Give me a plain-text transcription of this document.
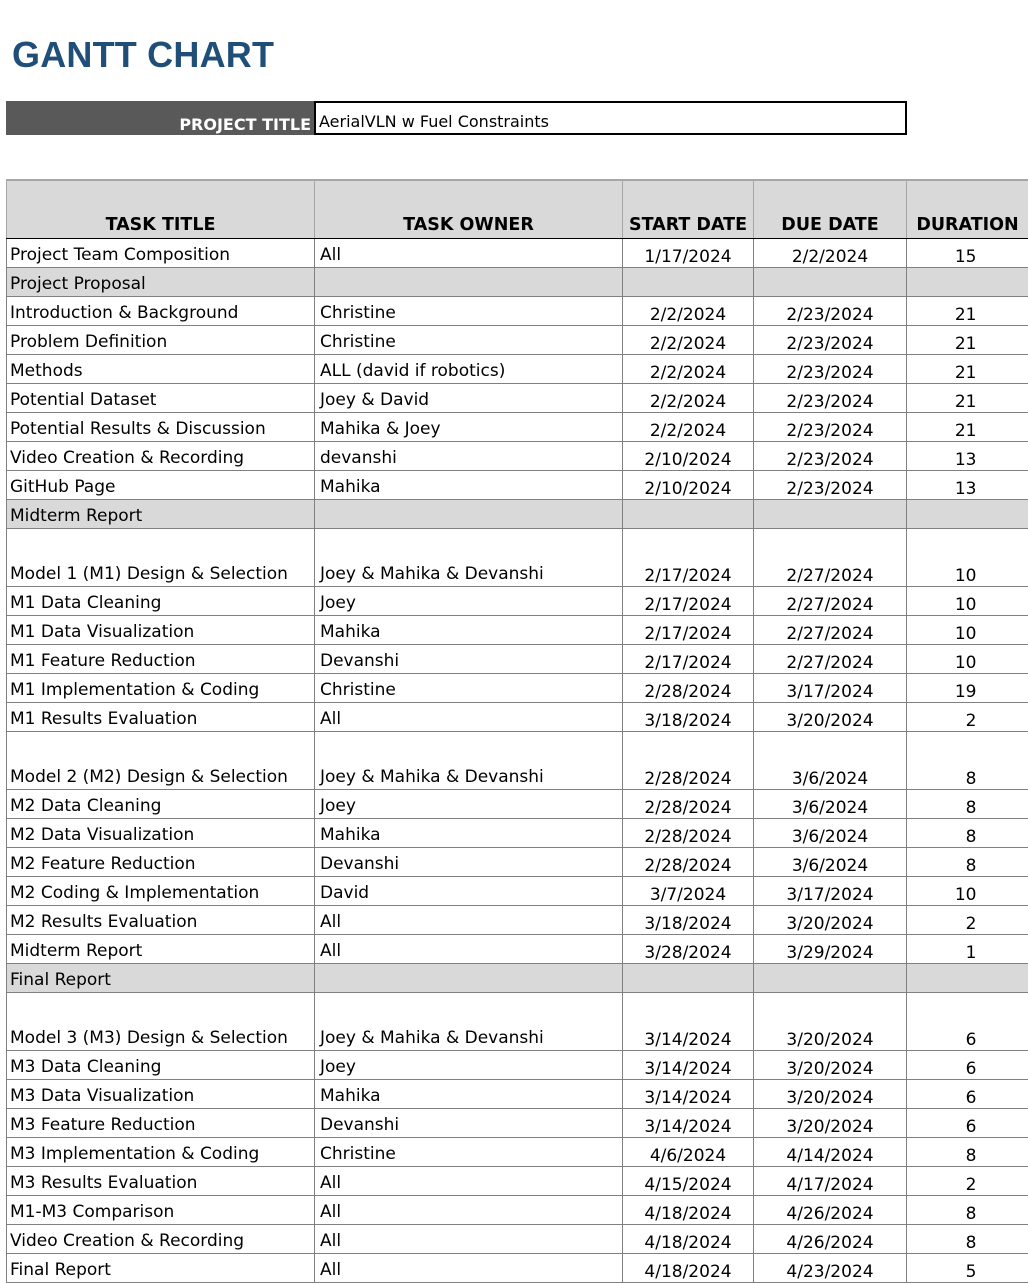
GANTT CHART
PROJECT TITLE AerialVLN w Fuel Constraints
TASK TITLE	TASK OWNER	START DATE	DUE DATE	DURATION
Project Team Composition	All	1/17/2024	2/2/2024	15
Project Proposal				
Introduction & Background	Christine	2/2/2024	2/23/2024	21
Problem Definition	Christine	2/2/2024	2/23/2024	21
Methods	ALL (david if robotics)	2/2/2024	2/23/2024	21
Potential Dataset	Joey & David	2/2/2024	2/23/2024	21
Potential Results & Discussion	Mahika & Joey	2/2/2024	2/23/2024	21
Video Creation & Recording	devanshi	2/10/2024	2/23/2024	13
GitHub Page	Mahika	2/10/2024	2/23/2024	13
Midterm Report				
Model 1 (M1) Design & Selection	Joey & Mahika & Devanshi	2/17/2024	2/27/2024	10
M1 Data Cleaning	Joey	2/17/2024	2/27/2024	10
M1 Data Visualization	Mahika	2/17/2024	2/27/2024	10
M1 Feature Reduction	Devanshi	2/17/2024	2/27/2024	10
M1 Implementation & Coding	Christine	2/28/2024	3/17/2024	19
M1 Results Evaluation	All	3/18/2024	3/20/2024	2
Model 2 (M2) Design & Selection	Joey & Mahika & Devanshi	2/28/2024	3/6/2024	8
M2 Data Cleaning	Joey	2/28/2024	3/6/2024	8
M2 Data Visualization	Mahika	2/28/2024	3/6/2024	8
M2 Feature Reduction	Devanshi	2/28/2024	3/6/2024	8
M2 Coding & Implementation	David	3/7/2024	3/17/2024	10
M2 Results Evaluation	All	3/18/2024	3/20/2024	2
Midterm Report	All	3/28/2024	3/29/2024	1
Final Report				
Model 3 (M3) Design & Selection	Joey & Mahika & Devanshi	3/14/2024	3/20/2024	6
M3 Data Cleaning	Joey	3/14/2024	3/20/2024	6
M3 Data Visualization	Mahika	3/14/2024	3/20/2024	6
M3 Feature Reduction	Devanshi	3/14/2024	3/20/2024	6
M3 Implementation & Coding	Christine	4/6/2024	4/14/2024	8
M3 Results Evaluation	All	4/15/2024	4/17/2024	2
M1-M3 Comparison	All	4/18/2024	4/26/2024	8
Video Creation & Recording	All	4/18/2024	4/26/2024	8
Final Report	All	4/18/2024	4/23/2024	5
